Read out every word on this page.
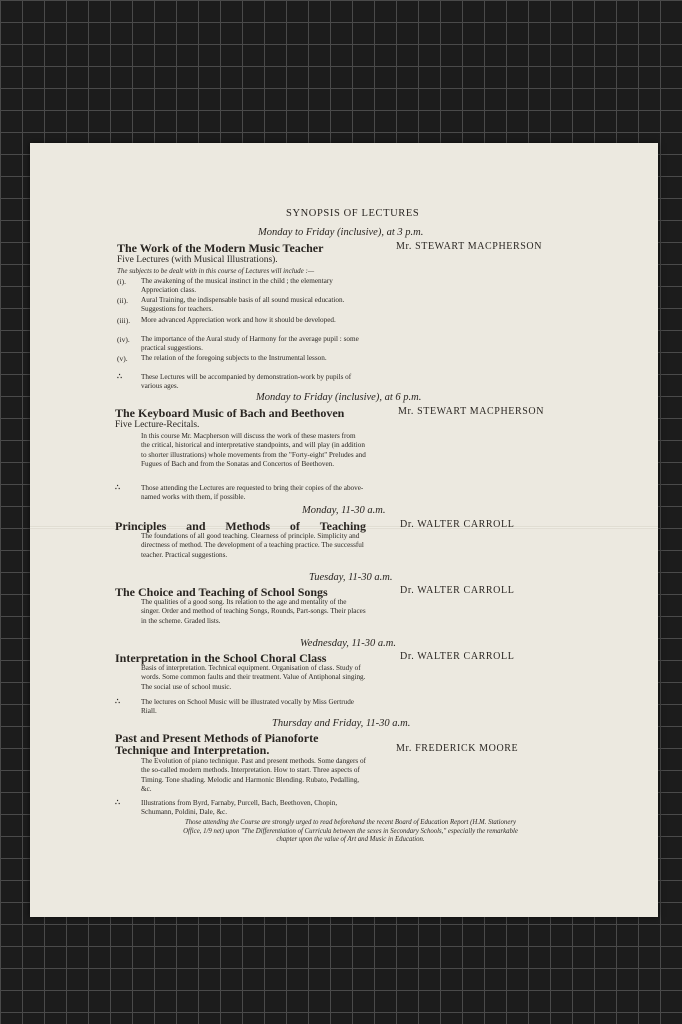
SYNOPSIS OF LECTURES
Monday to Friday (inclusive), at 3 p.m.
The Work of the Modern Music Teacher	Mr. STEWART MACPHERSON
Five Lectures (with Musical Illustrations).
The subjects to be dealt with in this course of Lectures will include :—
(i). The awakening of the musical instinct in the child ; the elementary Appreciation class.
(ii). Aural Training, the indispensable basis of all sound musical education. Suggestions for teachers.
(iii). More advanced Appreciation work and how it should be developed.
(iv). The importance of the Aural study of Harmony for the average pupil : some practical suggestions.
(v). The relation of the foregoing subjects to the Instrumental lesson.
∴	These Lectures will be accompanied by demonstration-work by pupils of various ages.
Monday to Friday (inclusive), at 6 p.m.
The Keyboard Music of Bach and Beethoven	Mr. STEWART MACPHERSON
Five Lecture-Recitals.
In this course Mr. Macpherson will discuss the work of these masters from the critical, historical and interpretative standpoints, and will play (in addition to shorter illustrations) whole movements from the "Forty-eight" Preludes and Fugues of Bach and from the Sonatas and Concertos of Beethoven.
∴	Those attending the Lectures are requested to bring their copies of the above-named works with them, if possible.
Monday, 11-30 a.m.
Principles and Methods of Teaching	Dr. WALTER CARROLL
The foundations of all good teaching. Clearness of principle. Simplicity and directness of method. The development of a teaching practice. The successful teacher. Practical suggestions.
Tuesday, 11-30 a.m.
The Choice and Teaching of School Songs	Dr. WALTER CARROLL
The qualities of a good song. Its relation to the age and mentality of the singer. Order and method of teaching Songs, Rounds, Part-songs. Their places in the scheme. Graded lists.
Wednesday, 11-30 a.m.
Interpretation in the School Choral Class	Dr. WALTER CARROLL
Basis of interpretation. Technical equipment. Organisation of class. Study of words. Some common faults and their treatment. Value of Antiphonal singing. The social use of school music.
∴	The lectures on School Music will be illustrated vocally by Miss Gertrude Riall.
Thursday and Friday, 11-30 a.m.
Past and Present Methods of Pianoforte
Technique and Interpretation.	Mr. FREDERICK MOORE
The Evolution of piano technique. Past and present methods. Some dangers of the so-called modern methods. Interpretation. How to start. Three aspects of Timing. Tone shading. Melodic and Harmonic Blending. Rubato, Pedalling, &c.
∴	Illustrations from Byrd, Farnaby, Purcell, Bach, Beethoven, Chopin, Schumann, Poldini, Dale, &c.
Those attending the Course are strongly urged to read beforehand the recent Board of Education Report (H.M. Stationery Office, 1/9 net) upon "The Differentiation of Curricula between the sexes in Secondary Schools," especially the remarkable chapter upon the value of Art and Music in Education.
